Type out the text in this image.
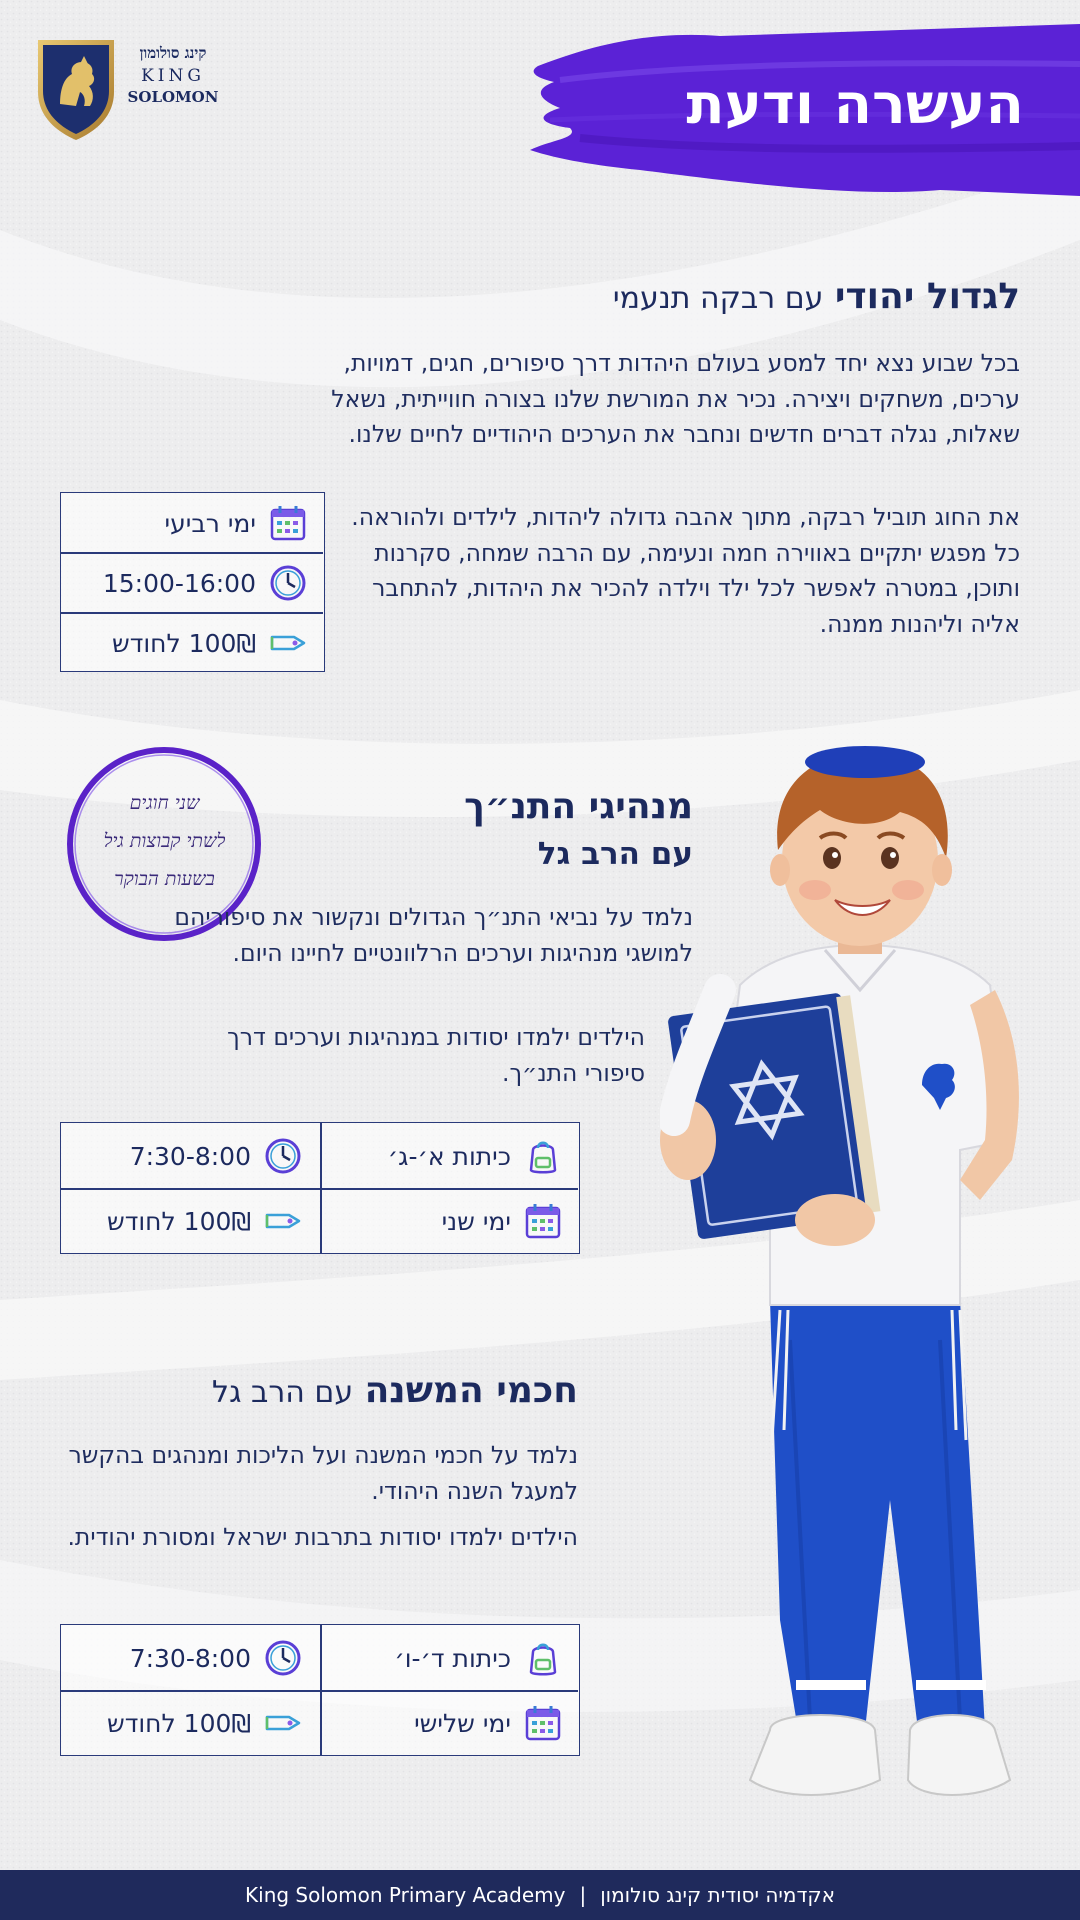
קינג סולומון
KING
SOLOMON	העשרה ודעת
לגדול יהודי עם רבקה תנעמי
בכל שבוע נצא יחד למסע בעולם היהדות דרך סיפורים, חגים, דמויות, ערכים, משחקים ויצירה. נכיר את המורשת שלנו בצורה חווייתית, נשאל שאלות, נגלה דברים חדשים ונחבר את הערכים היהודיים לחיים שלנו.
את החוג תוביל רבקה, מתוך אהבה גדולה ליהדות, לילדים ולהוראה. כל מפגש יתקיים באווירה חמה ונעימה, עם הרבה שמחה, סקרנות ותוכן, במטרה לאפשר לכל ילד וילדה להכיר את היהדות, להתחבר אליה וליהנות ממנה.
ימי רביעי
15:00-16:00
100₪ לחודש
שני חוגים
לשתי קבוצות גיל
בשעות הבוקר
מנהיגי התנ״ך
עם הרב גל
נלמד על נביאי התנ״ך הגדולים ונקשור את סיפוריהם למושגי מנהיגות וערכים הרלוונטיים לחיינו היום.
הילדים ילמדו יסודות במנהיגות וערכים דרך סיפורי התנ״ך.
כיתות א׳-ג׳
7:30-8:00
ימי שני
100₪ לחודש
חכמי המשנה עם הרב גל
נלמד על חכמי המשנה ועל הליכות ומנהגים בהקשר למעגל השנה היהודי.
הילדים ילמדו יסודות בתרבות ישראל ומסורת יהודית.
כיתות ד׳-ו׳
7:30-8:00
ימי שלישי
100₪ לחודש
King Solomon Primary Academy | אקדמיה יסודית קינג סולומון
